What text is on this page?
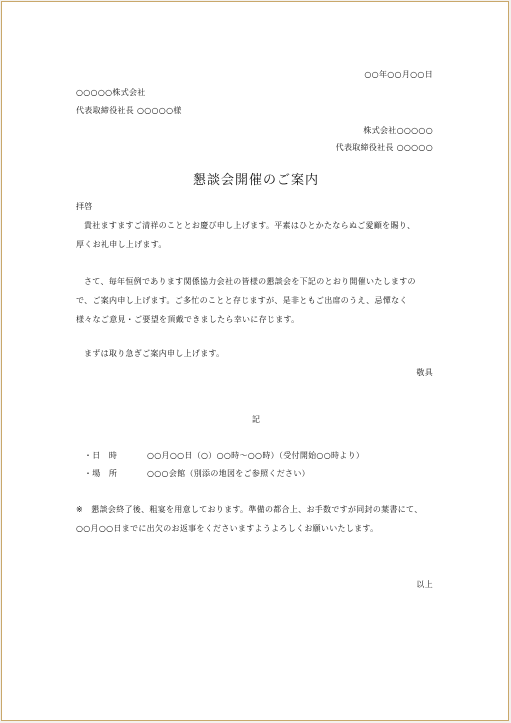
○○年○○月○○日
○○○○○株式会社
代表取締役社長 ○○○○○様
株式会社○○○○○
代表取締役社長 ○○○○○
懇談会開催のご案内
拝啓
貴社ますますご清祥のこととお慶び申し上げます。平素はひとかたならぬご愛顧を賜り、
厚くお礼申し上げます。
さて、毎年恒例であります関係協力会社の皆様の懇談会を下記のとおり開催いたしますの
で、ご案内申し上げます。ご多忙のことと存じますが、是非ともご出席のうえ、忌憚なく
様々なご意見・ご要望を頂戴できましたら幸いに存じます。
まずは取り急ぎご案内申し上げます。
敬具
記
・日　時	○○月○○日（○）○○時～○○時）（受付開始○○時より）
・場　所	○○○会館（別添の地図をご参照ください）
※　懇談会終了後、粗宴を用意しております。準備の都合上、お手数ですが同封の葉書にて、
○○月○○日までに出欠のお返事をくださいますようよろしくお願いいたします。
以上
